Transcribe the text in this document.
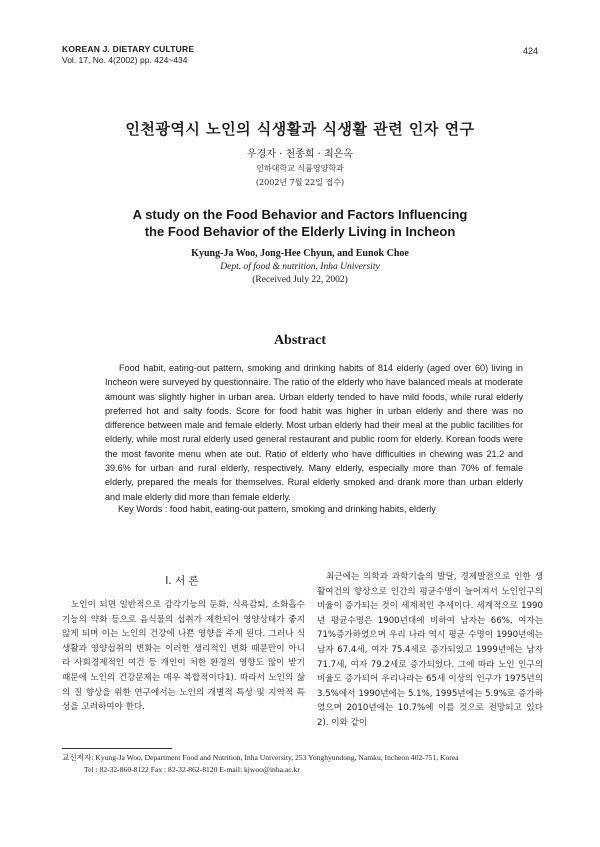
KOREAN J. DIETARY CULTURE
Vol. 17, No. 4(2002) pp. 424~434
424
인천광역시 노인의 식생활과 식생활 관련 인자 연구
우경자 · 천종희 · 최은옥
인하대학교 식품영양학과
(2002년 7월 22일 접수)
A study on the Food Behavior and Factors Influencing
the Food Behavior of the Elderly Living in Incheon
Kyung-Ja Woo, Jong-Hee Chyun, and Eunok Choe
Dept. of food & nutrition, Inha University
(Received July 22, 2002)
Abstract

Food habit, eating-out pattern, smoking and drinking habits of 814 elderly (aged over 60) living in Incheon were surveyed by questionnaire. The ratio of the elderly who have balanced meals at moderate amount was slightly higher in urban area. Urban elderly tended to have mild foods, while rural elderly preferred hot and salty foods. Score for food habit was higher in urban elderly and there was no difference between male and female elderly. Most urban elderly had their meal at the public facilities for elderly, while most rural elderly used general restaurant and public room for elderly. Korean foods were the most favorite menu when ate out. Ratio of elderly who have difficulties in chewing was 21.2 and 39.6% for urban and rural elderly, respectively. Many elderly, especially more than 70% of female elderly, prepared the meals for themselves. Rural elderly smoked and drank more than urban elderly and male elderly did more than female elderly.

Key Words : food habit, eating-out pattern, smoking and drinking habits, elderly
I. 서 론

노인이 되면 일반적으로 감각기능의 둔화, 식욕감퇴, 소화흡수 기능의 약화 등으로 음식물의 섭취가 제한되어 영양상태가 좋지 않게 되며 이는 노인의 건강에 나쁜 영향을 주게 된다. 그러나 식생활과 영양섭취의 변화는 이러한 생리적인 변화 때문만이 아니라 사회경제적인 여건 등 개인이 처한 환경의 영향도 많이 받기 때문에 노인의 건강문제는 매우 복합적이다1). 따라서 노인의 삶의 질 향상을 위한 연구에서는 노인의 개별적 특성 및 지역적 특성을 고려하여야 한다.

최근에는 의학과 과학기술의 발달, 경제발전으로 인한 생활여건의 향상으로 인간의 평균수명이 늘어져서 노인인구의 비율이 증가되는 것이 세계적인 추세이다. 세계적으로 1990년 평균수명은 1900년대에 비하여 남자는 66%, 여자는 71%증가하였으며 우리 나라 역시 평균 수명이 1990년에는 남자 67.4세, 여자 75.4세로 증가되었고 1999년에는 남자 71.7세, 여자 79.2세로 증가되었다. 그에 따라 노인 인구의 비율도 증가되어 우리나라는 65세 이상의 인구가 1975년의 3.5%에서 1990년에는 5.1%, 1995년에는 5.9%로 증가하였으며 2010년에는 10.7%에 이를 것으로 전망되고 있다2). 이와 같이

교신저자: Kyung-Ja Woo, Department Food and Nutrition, Inha University, 253 Yonghyundong, Namku, Incheon 402-751, Korea
Tel : 82-32-860-8122 Fax : 82-32-862-8120 E-mail: kjwoo@inha.ac.kr
